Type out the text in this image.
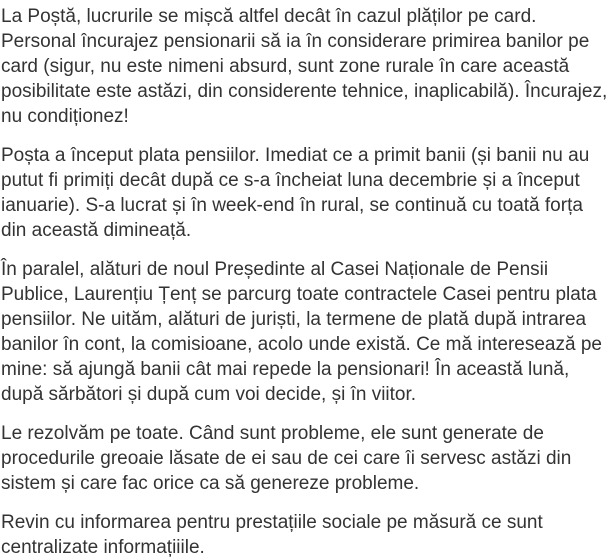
La Poștă, lucrurile se mișcă altfel decât în cazul plăților pe card.
Personal încurajez pensionarii să ia în considerare primirea banilor pe
card (sigur, nu este nimeni absurd, sunt zone rurale în care această
posibilitate este astăzi, din considerente tehnice, inaplicabilă). Încurajez,
nu condiționez!

Poșta a început plata pensiilor. Imediat ce a primit banii (și banii nu au
putut fi primiți decât după ce s-a încheiat luna decembrie și a început
ianuarie). S-a lucrat și în week-end în rural, se continuă cu toată forța
din această dimineață.

În paralel, alături de noul Președinte al Casei Naționale de Pensii
Publice, Laurențiu Țenț se parcurg toate contractele Casei pentru plata
pensiilor. Ne uităm, alături de juriști, la termene de plată după intrarea
banilor în cont, la comisioane, acolo unde există. Ce mă interesează pe
mine: să ajungă banii cât mai repede la pensionari! În această lună,
după sărbători și după cum voi decide, și în viitor.

Le rezolvăm pe toate. Când sunt probleme, ele sunt generate de
procedurile greoaie lăsate de ei sau de cei care îi servesc astăzi din
sistem și care fac orice ca să genereze probleme.

Revin cu informarea pentru prestațiile sociale pe măsură ce sunt
centralizate informațiiile.
